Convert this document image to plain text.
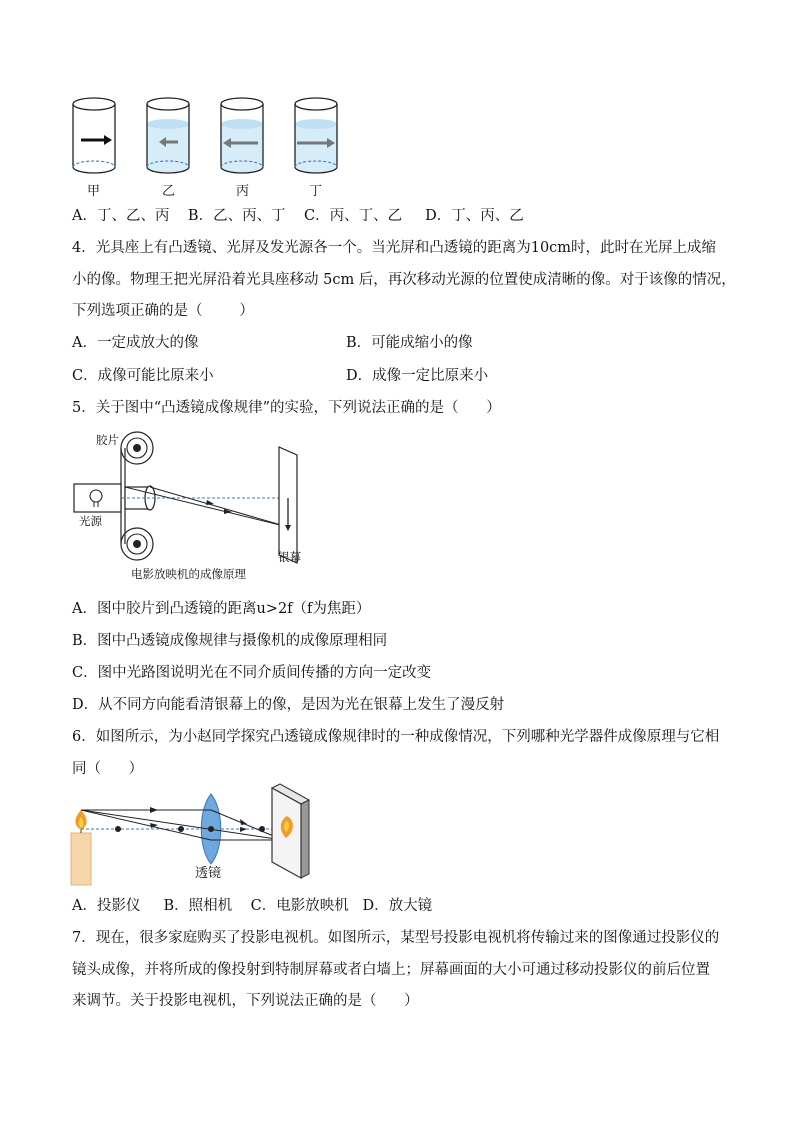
甲	乙	丙	丁
A．丁、乙、丙    B．乙、丙、丁    C．丙、丁、乙     D．丁、丙、乙
4．光具座上有凸透镜、光屏及发光源各一个。当光屏和凸透镜的距离为10cm时，此时在光屏上成缩
小的像。物理王把光屏沿着光具座移动 5cm 后，再次移动光源的位置使成清晰的像。对于该像的情况，
下列选项正确的是（        ）
A．一定成放大的像	B．可能成缩小的像
C．成像可能比原来小	D．成像一定比原来小
5．关于图中“凸透镜成像规律”的实验，下列说法正确的是（      ）
胶片
光源
银幕
电影放映机的成像原理
A．图中胶片到凸透镜的距离u>2f（f为焦距）
B．图中凸透镜成像规律与摄像机的成像原理相同
C．图中光路图说明光在不同介质间传播的方向一定改变
D．从不同方向能看清银幕上的像，是因为光在银幕上发生了漫反射
6．如图所示，为小赵同学探究凸透镜成像规律时的一种成像情况，下列哪种光学器件成像原理与它相
同（      ）
透镜
A．投影仪     B．照相机    C．电影放映机   D．放大镜
7．现在，很多家庭购买了投影电视机。如图所示，某型号投影电视机将传输过来的图像通过投影仪的
镜头成像，并将所成的像投射到特制屏幕或者白墙上；屏幕画面的大小可通过移动投影仪的前后位置
来调节。关于投影电视机，下列说法正确的是（      ）
